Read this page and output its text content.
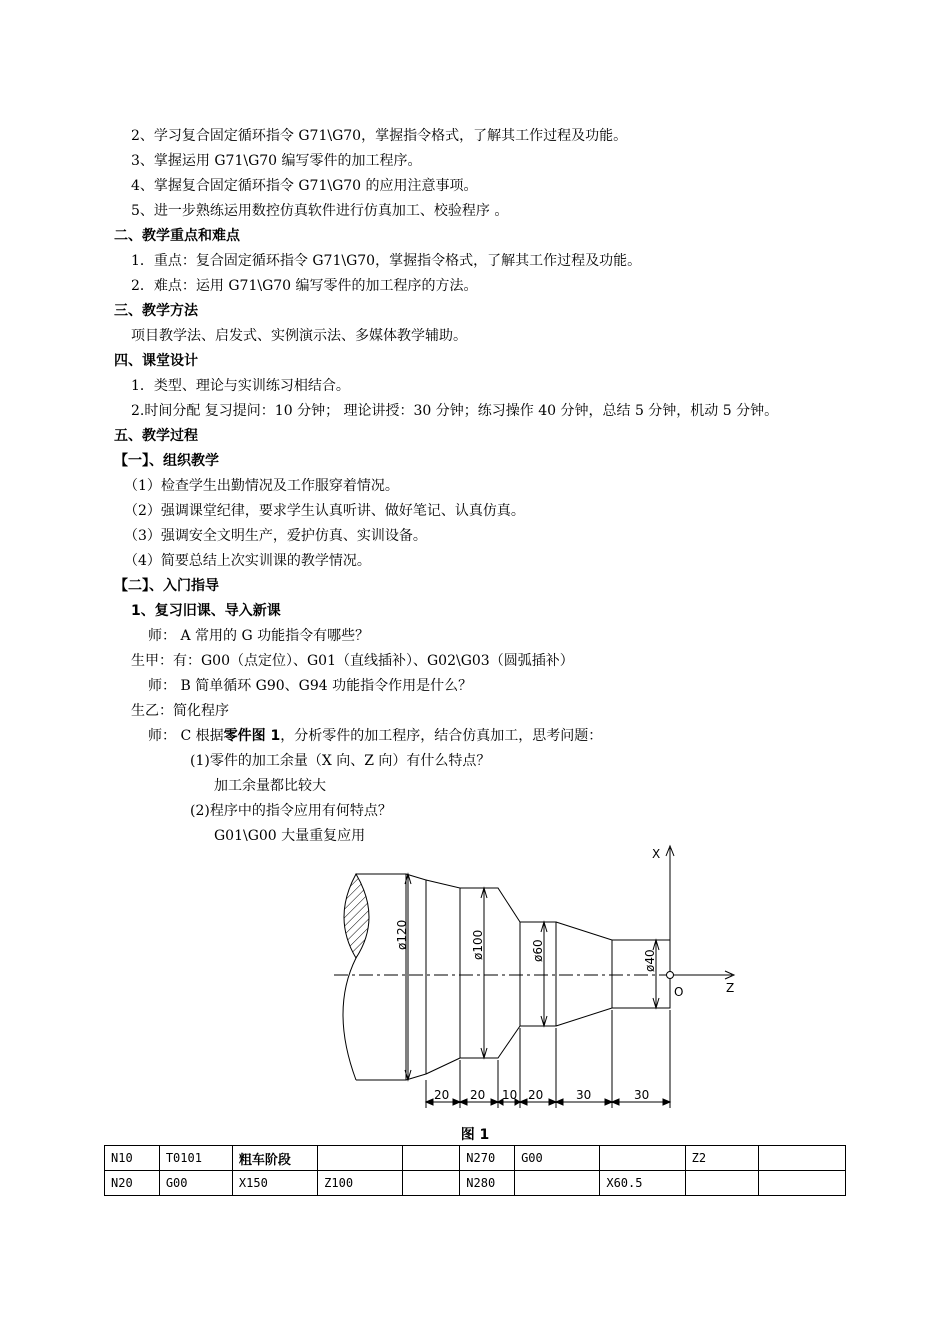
2、学习复合固定循环指令 G71\G70，掌握指令格式，了解其工作过程及功能。
3、掌握运用 G71\G70 编写零件的加工程序。
4、掌握复合固定循环指令 G71\G70 的应用注意事项。
5、进一步熟练运用数控仿真软件进行仿真加工、校验程序 。
二、教学重点和难点
1．重点：复合固定循环指令 G71\G70，掌握指令格式，了解其工作过程及功能。
2．难点：运用 G71\G70 编写零件的加工程序的方法。
三、教学方法
项目教学法、启发式、实例演示法、多媒体教学辅助。
四、课堂设计
1．类型、理论与实训练习相结合。
2.时间分配 复习提问：10 分钟； 理论讲授：30 分钟；练习操作 40 分钟，总结 5 分钟，机动 5 分钟。
五、教学过程
【一】、组织教学
（1）检查学生出勤情况及工作服穿着情况。
（2）强调课堂纪律，要求学生认真听讲、做好笔记、认真仿真。
（3）强调安全文明生产，爱护仿真、实训设备。
（4）简要总结上次实训课的教学情况。
【二】、入门指导
1、复习旧课、导入新课
师： A 常用的 G 功能指令有哪些？
生甲：有：G00（点定位）、G01（直线插补）、G02\G03（圆弧插补）
师： B 简单循环 G90、G94 功能指令作用是什么？
生乙：简化程序
师： C 根据零件图 1，分析零件的加工程序，结合仿真加工，思考问题：
(1)零件的加工余量（X 向、Z 向）有什么特点？
加工余量都比较大
(2)程序中的指令应用有何特点？
G01\G00 大量重复应用
X
Z
O
ø120	ø100	ø60	ø40
20 20 10 20	30	30
图 1
N10	T0101	粗车阶段			N270	G00		Z2	
N20	G00	X150	Z100		N280		X60.5		
